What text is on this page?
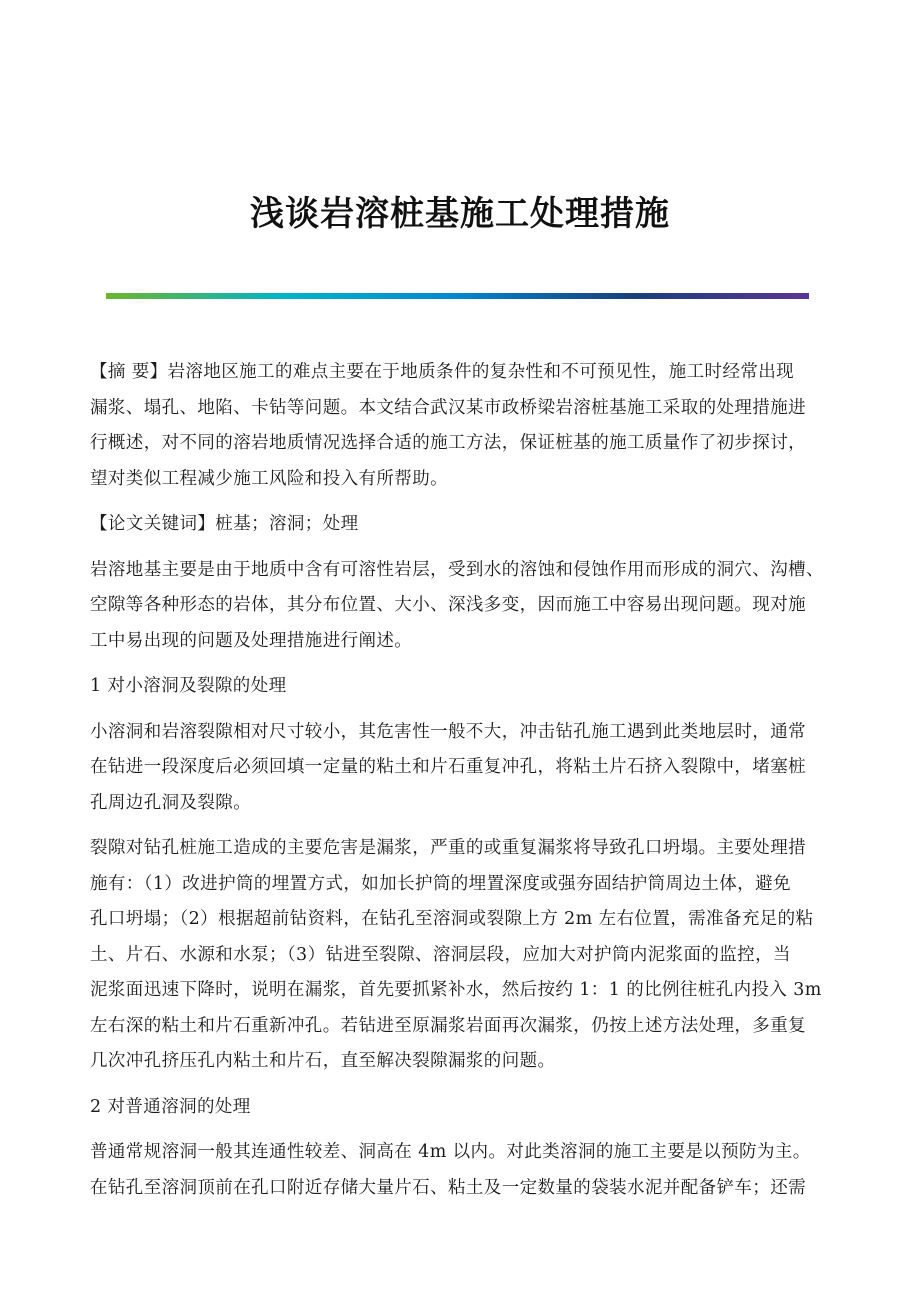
浅谈岩溶桩基施工处理措施
【摘 要】岩溶地区施工的难点主要在于地质条件的复杂性和不可预见性，施工时经常出现
漏浆、塌孔、地陷、卡钻等问题。本文结合武汉某市政桥梁岩溶桩基施工采取的处理措施进
行概述，对不同的溶岩地质情况选择合适的施工方法，保证桩基的施工质量作了初步探讨，
望对类似工程减少施工风险和投入有所帮助。
【论文关键词】桩基；溶洞；处理
岩溶地基主要是由于地质中含有可溶性岩层，受到水的溶蚀和侵蚀作用而形成的洞穴、沟槽、
空隙等各种形态的岩体，其分布位置、大小、深浅多变，因而施工中容易出现问题。现对施
工中易出现的问题及处理措施进行阐述。
1 对小溶洞及裂隙的处理
小溶洞和岩溶裂隙相对尺寸较小，其危害性一般不大，冲击钻孔施工遇到此类地层时，通常
在钻进一段深度后必须回填一定量的粘土和片石重复冲孔，将粘土片石挤入裂隙中，堵塞桩
孔周边孔洞及裂隙。
裂隙对钻孔桩施工造成的主要危害是漏浆，严重的或重复漏浆将导致孔口坍塌。主要处理措
施有：（1）改进护筒的埋置方式，如加长护筒的埋置深度或强夯固结护筒周边土体，避免
孔口坍塌；（2）根据超前钻资料，在钻孔至溶洞或裂隙上方 2m 左右位置，需准备充足的粘
土、片石、水源和水泵；（3）钻进至裂隙、溶洞层段，应加大对护筒内泥浆面的监控，当
泥浆面迅速下降时，说明在漏浆，首先要抓紧补水，然后按约 1：1 的比例往桩孔内投入 3m
左右深的粘土和片石重新冲孔。若钻进至原漏浆岩面再次漏浆，仍按上述方法处理，多重复
几次冲孔挤压孔内粘土和片石，直至解决裂隙漏浆的问题。
2 对普通溶洞的处理
普通常规溶洞一般其连通性较差、洞高在 4m 以内。对此类溶洞的施工主要是以预防为主。
在钻孔至溶洞顶前在孔口附近存储大量片石、粘土及一定数量的袋装水泥并配备铲车；还需
